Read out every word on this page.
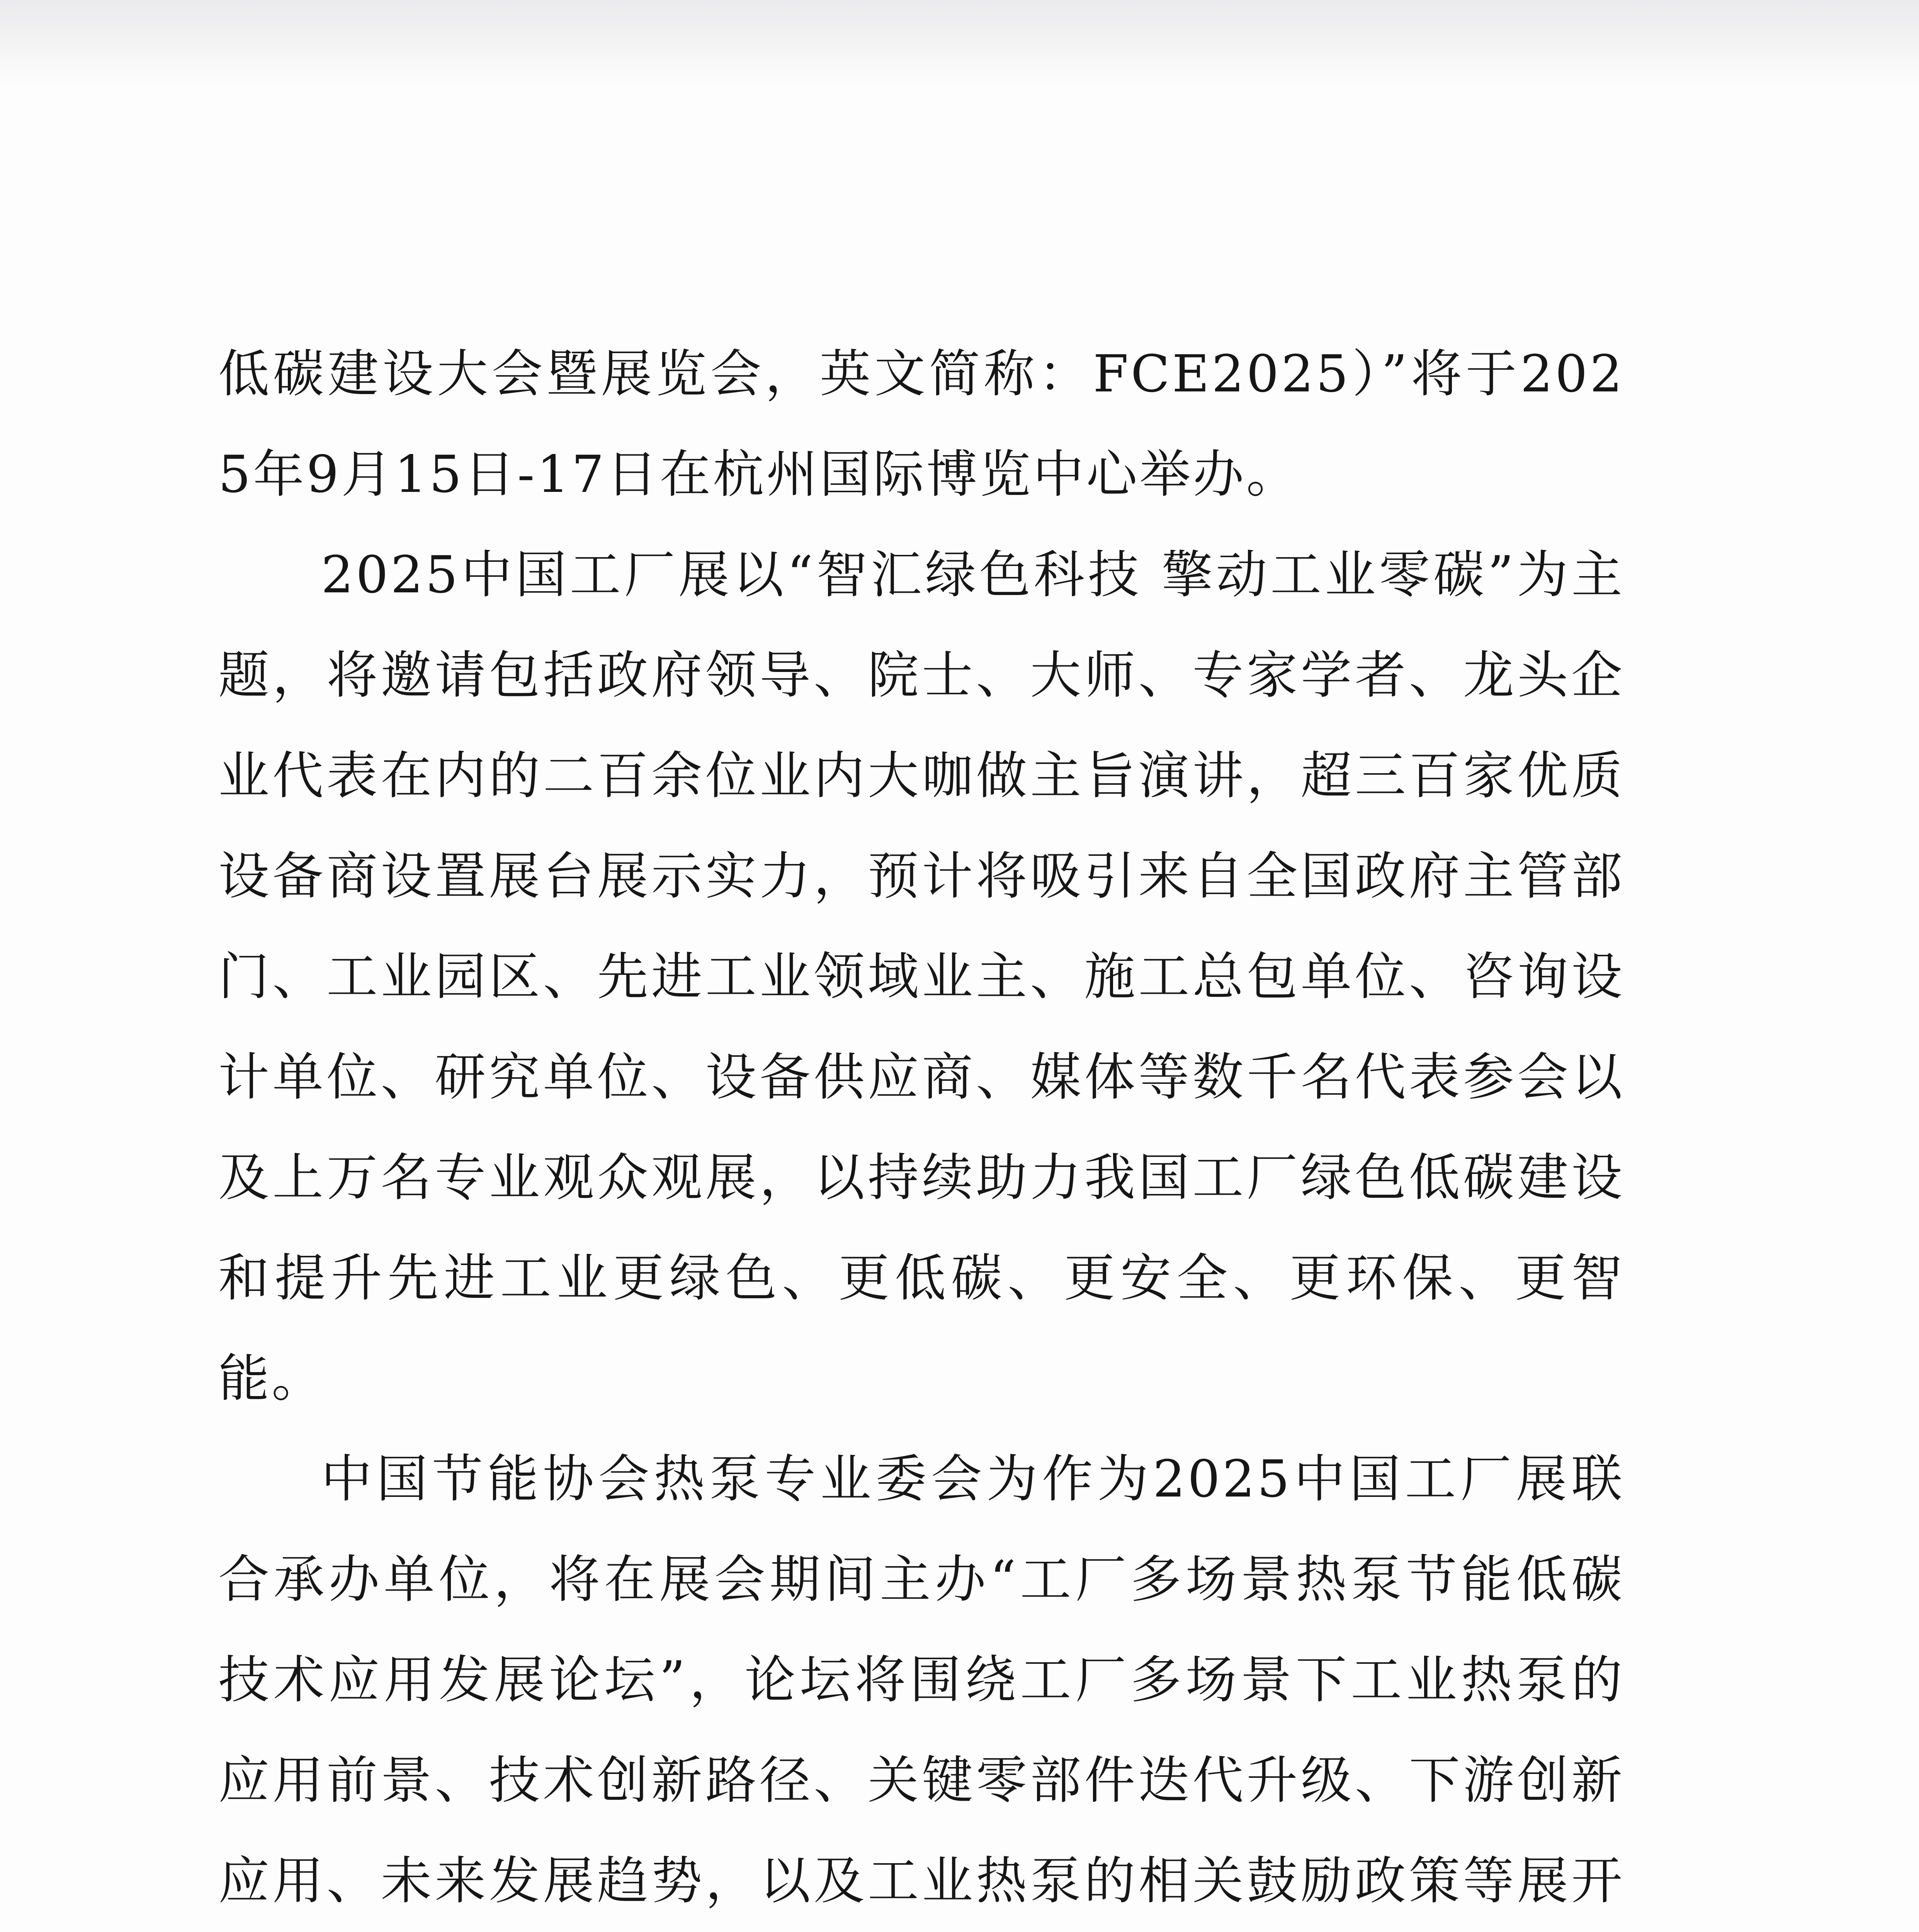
低碳建设大会暨展览会，英文简称：FCE2025）”将于2025年9月15日-17日在杭州国际博览中心举办。

2025中国工厂展以“智汇绿色科技 擎动工业零碳”为主题，将邀请包括政府领导、院士、大师、专家学者、龙头企业代表在内的二百余位业内大咖做主旨演讲，超三百家优质设备商设置展台展示实力，预计将吸引来自全国政府主管部门、工业园区、先进工业领域业主、施工总包单位、咨询设计单位、研究单位、设备供应商、媒体等数千名代表参会以及上万名专业观众观展，以持续助力我国工厂绿色低碳建设和提升先进工业更绿色、更低碳、更安全、更环保、更智能。

中国节能协会热泵专业委会为作为2025中国工厂展联合承办单位，将在展会期间主办“工厂多场景热泵节能低碳技术应用发展论坛”，论坛将围绕工厂多场景下工业热泵的应用前景、技术创新路径、关键零部件迭代升级、下游创新应用、未来发展趋势，以及工业热泵的相关鼓励政策等展开
